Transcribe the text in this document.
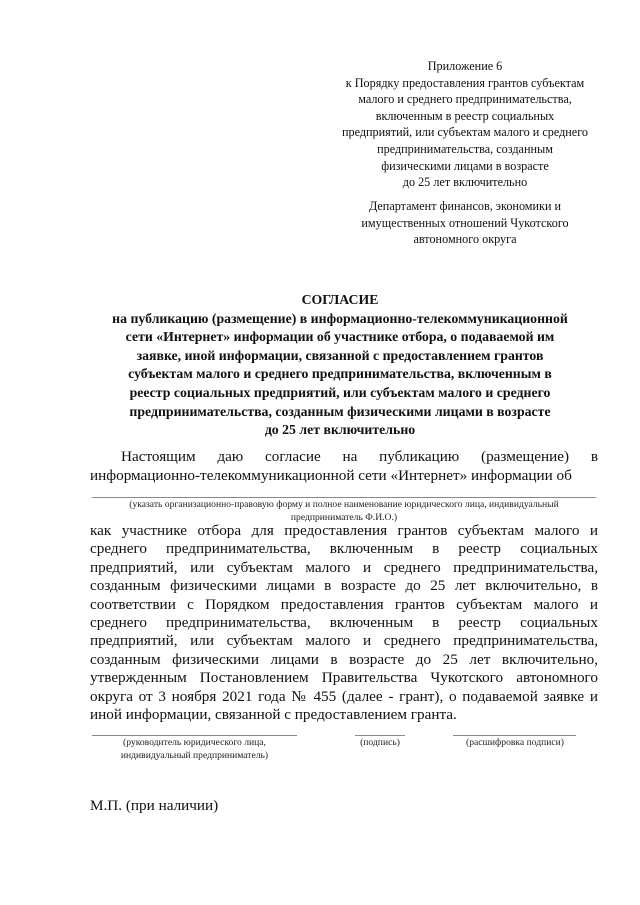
Приложение 6
к Порядку предоставления грантов субъектам
малого и среднего предпринимательства,
включенным в реестр социальных
предприятий, или субъектам малого и среднего
предпринимательства, созданным
физическими лицами в возрасте
до 25 лет включительно
Департамент финансов, экономики и
имущественных отношений Чукотского
автономного округа
СОГЛАСИЕ
на публикацию (размещение) в информационно-телекоммуникационной
сети «Интернет» информации об участнике отбора, о подаваемой им
заявке, иной информации, связанной с предоставлением грантов
субъектам малого и среднего предпринимательства, включенным в
реестр социальных предприятий, или субъектам малого и среднего
предпринимательства, созданным физическими лицами в возрасте
до 25 лет включительно
Настоящим даю согласие на публикацию (размещение) в
информационно-телекоммуникационной сети «Интернет» информации об
(указать организационно-правовую форму и полное наименование юридического лица, индивидуальный
предприниматель Ф.И.О.)
как участнике отбора для предоставления грантов субъектам малого и
среднего предпринимательства, включенным в реестр социальных
предприятий, или субъектам малого и среднего предпринимательства,
созданным физическими лицами в возрасте до 25 лет включительно, в
соответствии с Порядком предоставления грантов субъектам малого и
среднего предпринимательства, включенным в реестр социальных
предприятий, или субъектам малого и среднего предпринимательства,
созданным физическими лицами в возрасте до 25 лет включительно,
утвержденным Постановлением Правительства Чукотского автономного
округа от 3 ноября 2021 года № 455 (далее - грант), о подаваемой заявке и
иной информации, связанной с предоставлением гранта.
(руководитель юридического лица,
индивидуальный предприниматель)
(подпись)	(расшифровка подписи)
М.П. (при наличии)
